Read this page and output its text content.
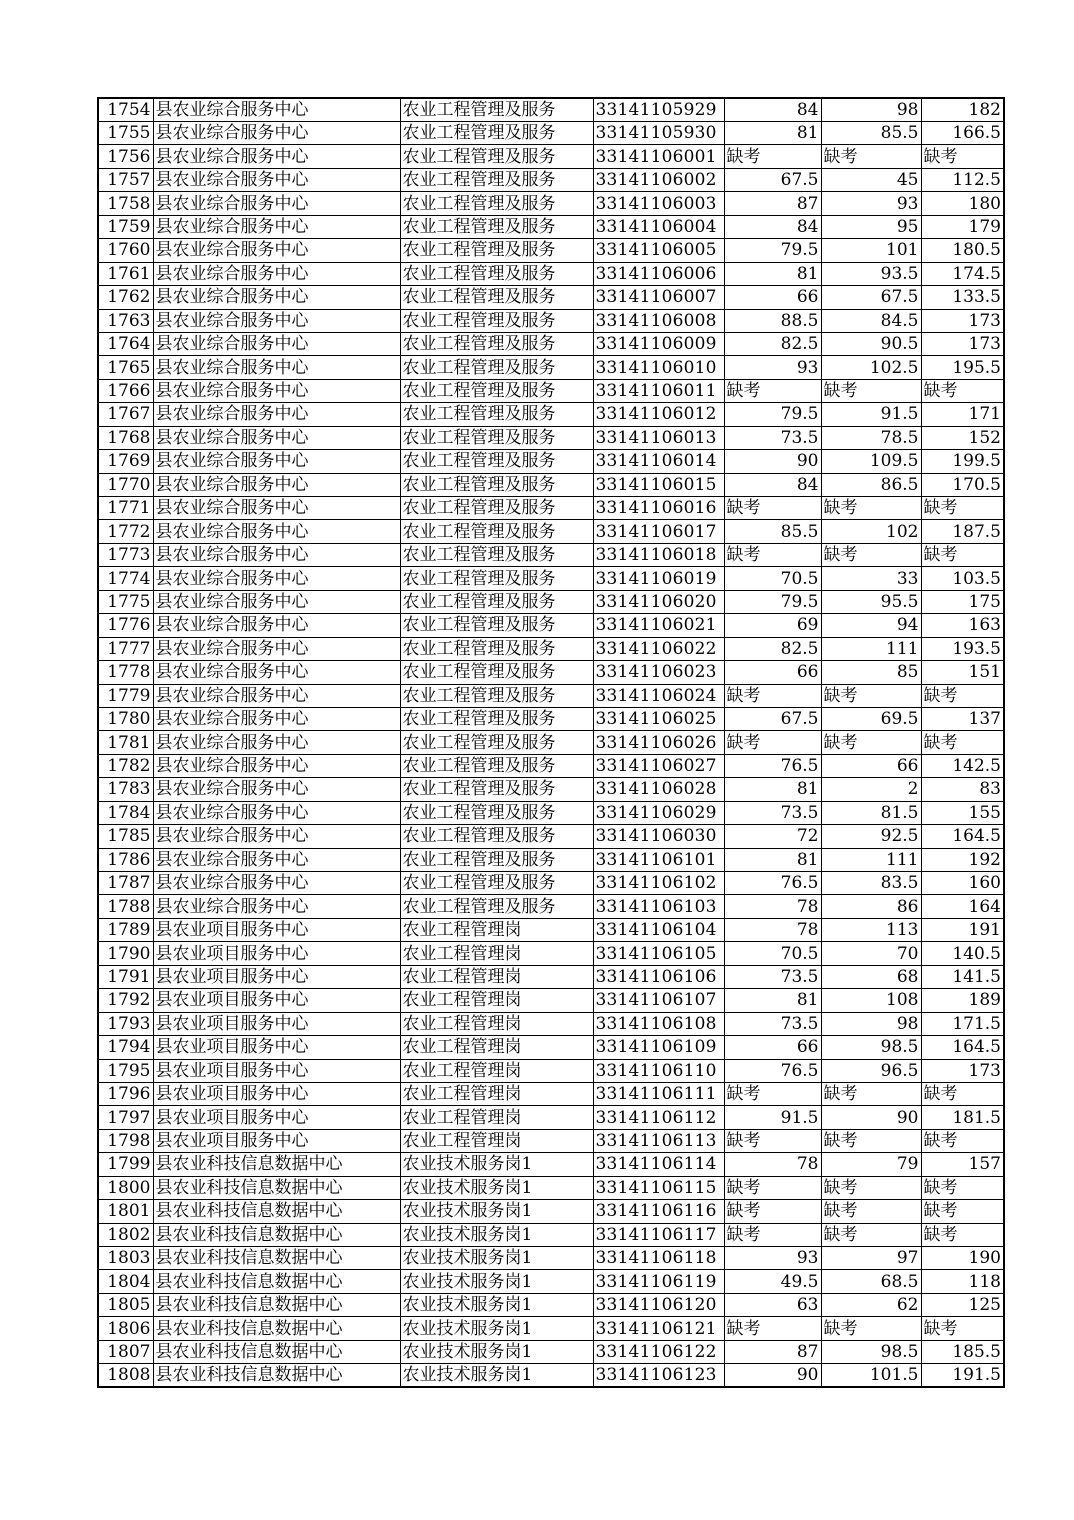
1754	县农业综合服务中心	农业工程管理及服务	33141105929	84	98	182
1755	县农业综合服务中心	农业工程管理及服务	33141105930	81	85.5	166.5
1756	县农业综合服务中心	农业工程管理及服务	33141106001	缺考	缺考	缺考
1757	县农业综合服务中心	农业工程管理及服务	33141106002	67.5	45	112.5
1758	县农业综合服务中心	农业工程管理及服务	33141106003	87	93	180
1759	县农业综合服务中心	农业工程管理及服务	33141106004	84	95	179
1760	县农业综合服务中心	农业工程管理及服务	33141106005	79.5	101	180.5
1761	县农业综合服务中心	农业工程管理及服务	33141106006	81	93.5	174.5
1762	县农业综合服务中心	农业工程管理及服务	33141106007	66	67.5	133.5
1763	县农业综合服务中心	农业工程管理及服务	33141106008	88.5	84.5	173
1764	县农业综合服务中心	农业工程管理及服务	33141106009	82.5	90.5	173
1765	县农业综合服务中心	农业工程管理及服务	33141106010	93	102.5	195.5
1766	县农业综合服务中心	农业工程管理及服务	33141106011	缺考	缺考	缺考
1767	县农业综合服务中心	农业工程管理及服务	33141106012	79.5	91.5	171
1768	县农业综合服务中心	农业工程管理及服务	33141106013	73.5	78.5	152
1769	县农业综合服务中心	农业工程管理及服务	33141106014	90	109.5	199.5
1770	县农业综合服务中心	农业工程管理及服务	33141106015	84	86.5	170.5
1771	县农业综合服务中心	农业工程管理及服务	33141106016	缺考	缺考	缺考
1772	县农业综合服务中心	农业工程管理及服务	33141106017	85.5	102	187.5
1773	县农业综合服务中心	农业工程管理及服务	33141106018	缺考	缺考	缺考
1774	县农业综合服务中心	农业工程管理及服务	33141106019	70.5	33	103.5
1775	县农业综合服务中心	农业工程管理及服务	33141106020	79.5	95.5	175
1776	县农业综合服务中心	农业工程管理及服务	33141106021	69	94	163
1777	县农业综合服务中心	农业工程管理及服务	33141106022	82.5	111	193.5
1778	县农业综合服务中心	农业工程管理及服务	33141106023	66	85	151
1779	县农业综合服务中心	农业工程管理及服务	33141106024	缺考	缺考	缺考
1780	县农业综合服务中心	农业工程管理及服务	33141106025	67.5	69.5	137
1781	县农业综合服务中心	农业工程管理及服务	33141106026	缺考	缺考	缺考
1782	县农业综合服务中心	农业工程管理及服务	33141106027	76.5	66	142.5
1783	县农业综合服务中心	农业工程管理及服务	33141106028	81	2	83
1784	县农业综合服务中心	农业工程管理及服务	33141106029	73.5	81.5	155
1785	县农业综合服务中心	农业工程管理及服务	33141106030	72	92.5	164.5
1786	县农业综合服务中心	农业工程管理及服务	33141106101	81	111	192
1787	县农业综合服务中心	农业工程管理及服务	33141106102	76.5	83.5	160
1788	县农业综合服务中心	农业工程管理及服务	33141106103	78	86	164
1789	县农业项目服务中心	农业工程管理岗	33141106104	78	113	191
1790	县农业项目服务中心	农业工程管理岗	33141106105	70.5	70	140.5
1791	县农业项目服务中心	农业工程管理岗	33141106106	73.5	68	141.5
1792	县农业项目服务中心	农业工程管理岗	33141106107	81	108	189
1793	县农业项目服务中心	农业工程管理岗	33141106108	73.5	98	171.5
1794	县农业项目服务中心	农业工程管理岗	33141106109	66	98.5	164.5
1795	县农业项目服务中心	农业工程管理岗	33141106110	76.5	96.5	173
1796	县农业项目服务中心	农业工程管理岗	33141106111	缺考	缺考	缺考
1797	县农业项目服务中心	农业工程管理岗	33141106112	91.5	90	181.5
1798	县农业项目服务中心	农业工程管理岗	33141106113	缺考	缺考	缺考
1799	县农业科技信息数据中心	农业技术服务岗1	33141106114	78	79	157
1800	县农业科技信息数据中心	农业技术服务岗1	33141106115	缺考	缺考	缺考
1801	县农业科技信息数据中心	农业技术服务岗1	33141106116	缺考	缺考	缺考
1802	县农业科技信息数据中心	农业技术服务岗1	33141106117	缺考	缺考	缺考
1803	县农业科技信息数据中心	农业技术服务岗1	33141106118	93	97	190
1804	县农业科技信息数据中心	农业技术服务岗1	33141106119	49.5	68.5	118
1805	县农业科技信息数据中心	农业技术服务岗1	33141106120	63	62	125
1806	县农业科技信息数据中心	农业技术服务岗1	33141106121	缺考	缺考	缺考
1807	县农业科技信息数据中心	农业技术服务岗1	33141106122	87	98.5	185.5
1808	县农业科技信息数据中心	农业技术服务岗1	33141106123	90	101.5	191.5
